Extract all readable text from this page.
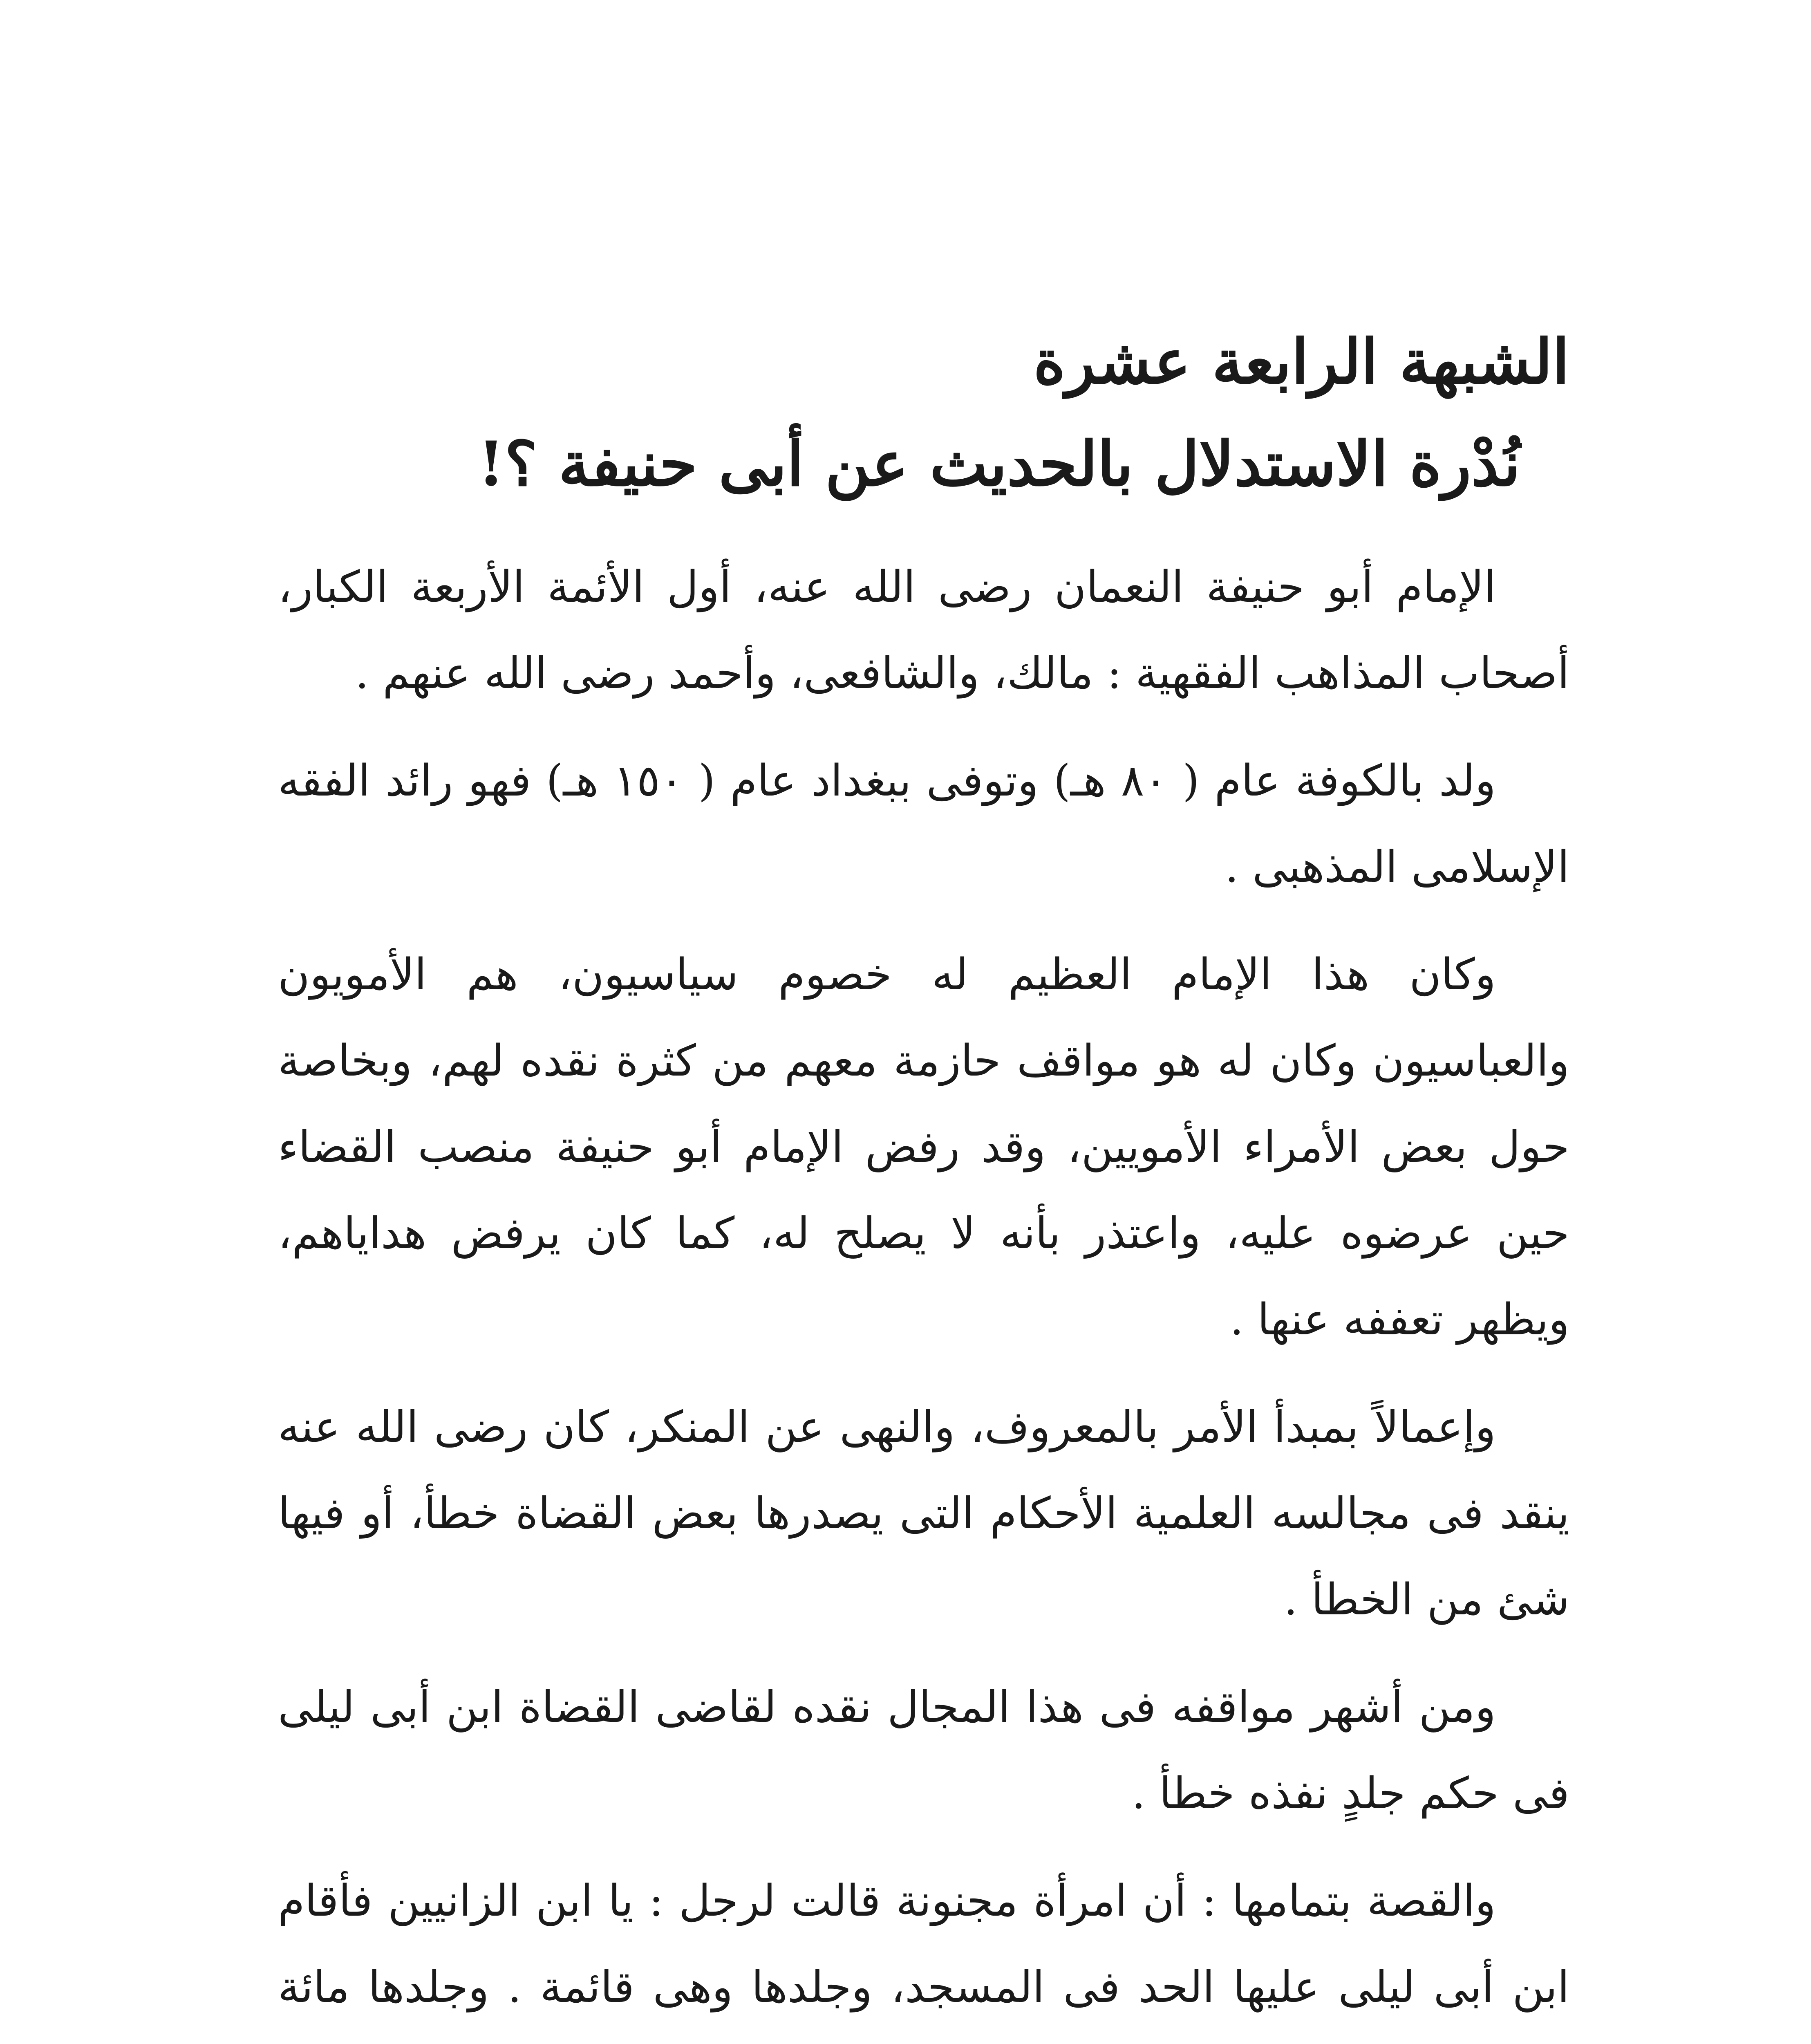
الشبهة الرابعة عشرة
نُدْرة الاستدلال بالحديث عن أبى حنيفة ؟!

الإمام أبو حنيفة النعمان رضى الله عنه، أول الأئمة الأربعة الكبار، أصحاب المذاهب الفقهية : مالك، والشافعى، وأحمد رضى الله عنهم .

ولد بالكوفة عام ( ٨٠ هـ) وتوفى ببغداد عام ( ١٥٠ هـ) فهو رائد الفقه الإسلامى المذهبى .

وكان هذا الإمام العظيم له خصوم سياسيون، هم الأمويون والعباسيون وكان له هو مواقف حازمة معهم من كثرة نقده لهم، وبخاصة حول بعض الأمراء الأمويين، وقد رفض الإمام أبو حنيفة منصب القضاء حين عرضوه عليه، واعتذر بأنه لا يصلح له، كما كان يرفض هداياهم، ويظهر تعففه عنها .

وإعمالاً بمبدأ الأمر بالمعروف، والنهى عن المنكر، كان رضى الله عنه ينقد فى مجالسه العلمية الأحكام التى يصدرها بعض القضاة خطأ، أو فيها شئ من الخطأ .

ومن أشهر مواقفه فى هذا المجال نقده لقاضى القضاة ابن أبى ليلى فى حكم جلدٍ نفذه خطأ .

والقصة بتمامها : أن امرأة مجنونة قالت لرجل : يا ابن الزانيين فأقام ابن أبى ليلى عليها الحد فى المسجد، وجلدها وهى قائمة . وجلدها مائة
